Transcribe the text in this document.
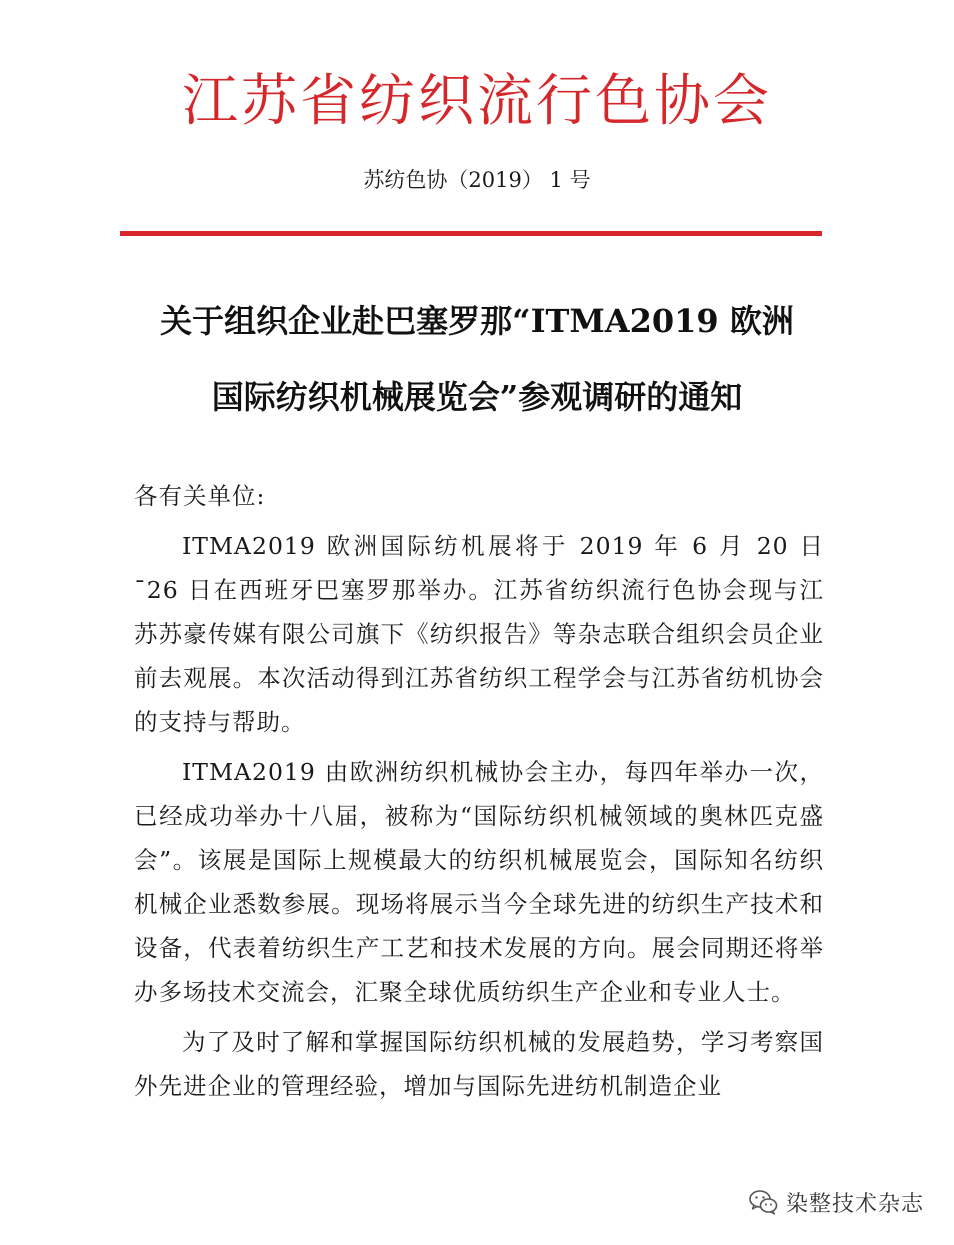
江苏省纺织流行色协会
苏纺色协（2019） 1 号
关于组织企业赴巴塞罗那“ITMA2019 欧洲
国际纺织机械展览会”参观调研的通知

各有关单位:

ITMA2019 欧洲国际纺机展将于 2019 年 6 月 20 日¯26 日在西班牙巴塞罗那举办。江苏省纺织流行色协会现与江苏苏豪传媒有限公司旗下《纺织报告》等杂志联合组织会员企业前去观展。本次活动得到江苏省纺织工程学会与江苏省纺机协会的支持与帮助。

ITMA2019 由欧洲纺织机械协会主办，每四年举办一次，已经成功举办十八届，被称为“国际纺织机械领域的奥林匹克盛会”。该展是国际上规模最大的纺织机械展览会，国际知名纺织机械企业悉数参展。现场将展示当今全球先进的纺织生产技术和设备，代表着纺织生产工艺和技术发展的方向。展会同期还将举办多场技术交流会，汇聚全球优质纺织生产企业和专业人士。

为了及时了解和掌握国际纺织机械的发展趋势，学习考察国外先进企业的管理经验，增加与国际先进纺机制造企业

染整技术杂志
